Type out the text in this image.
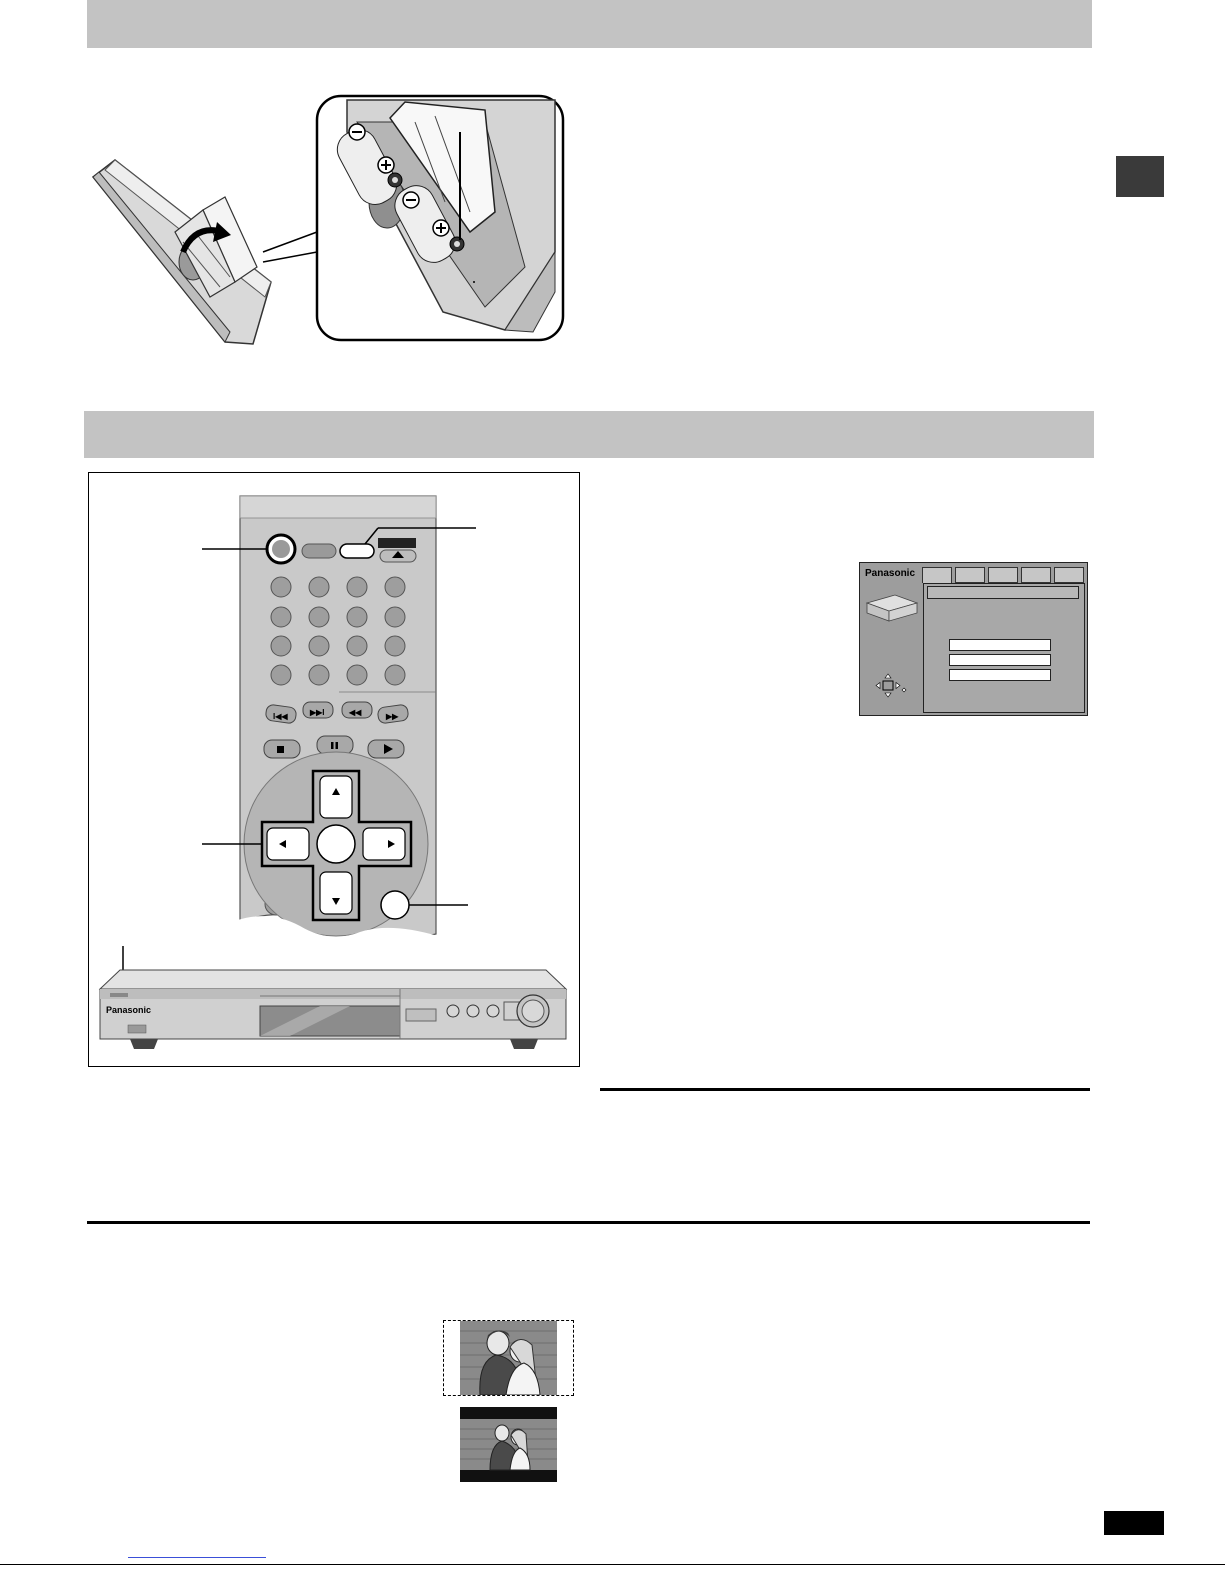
I◀◀	▶▶I	◀◀	▶▶
Panasonic
Panasonic
